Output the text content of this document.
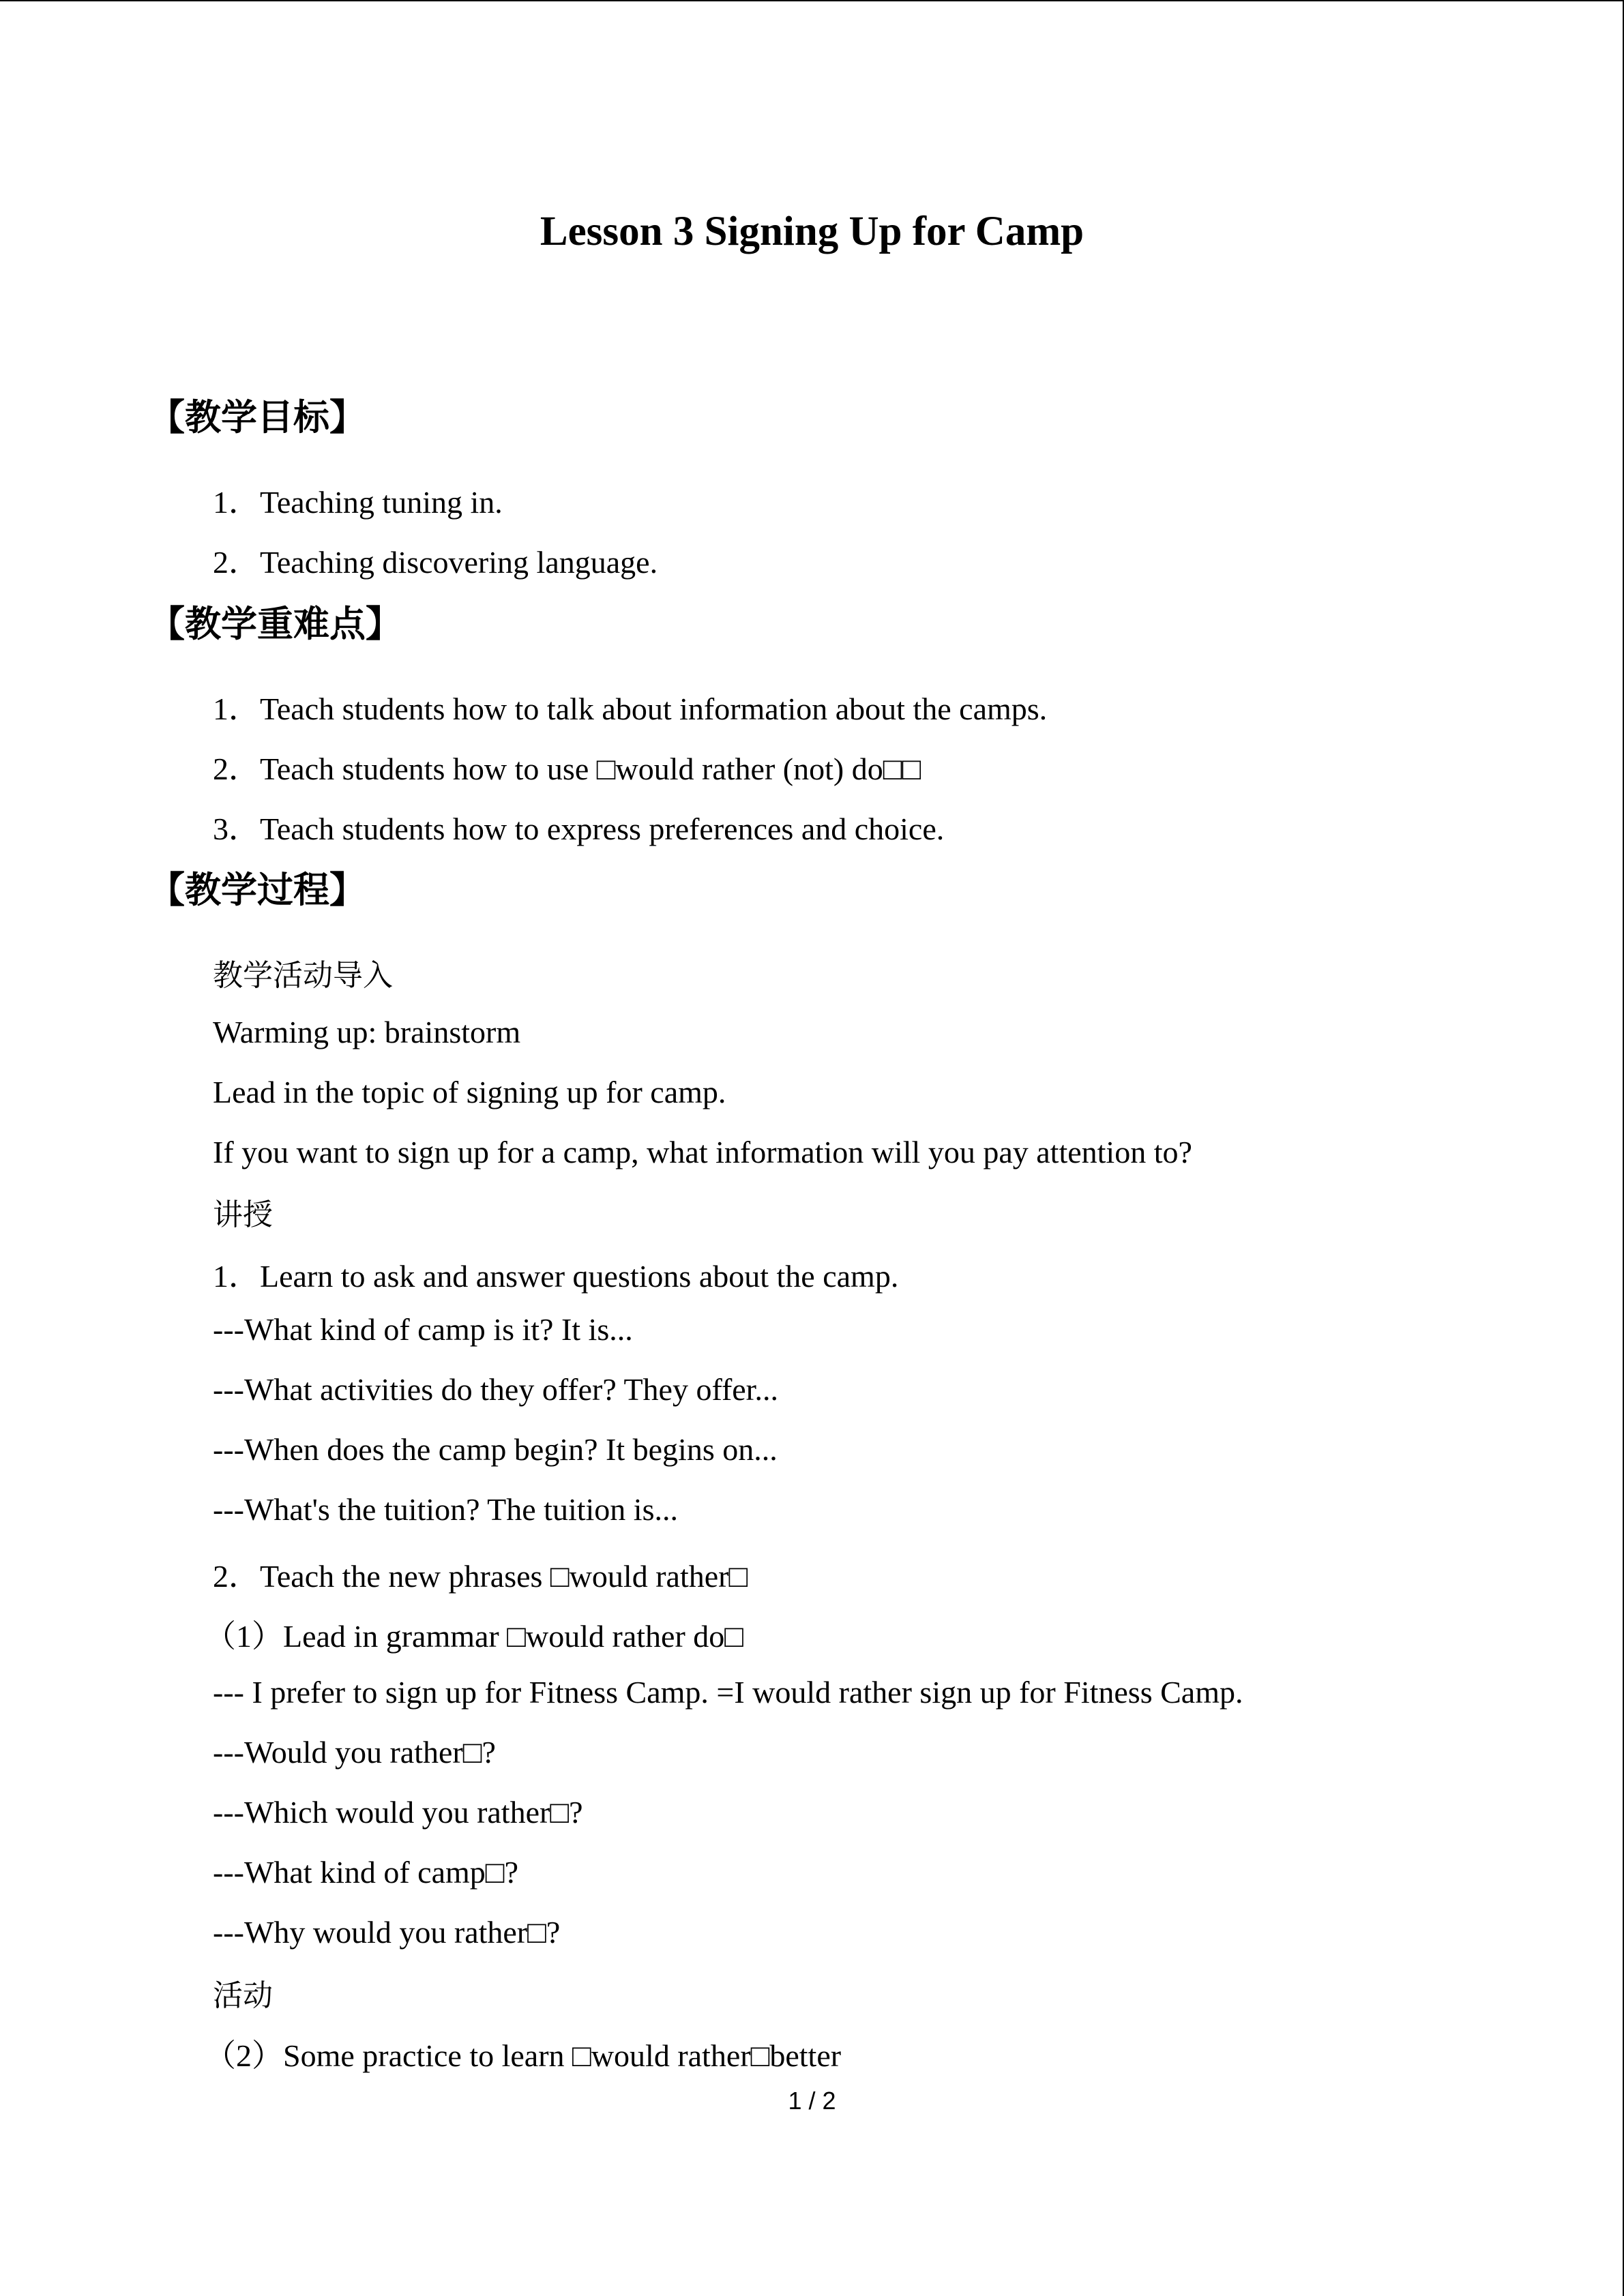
Lesson 3 Signing Up for Camp
【教学目标】
1．Teaching tuning in.
2．Teaching discovering language.
【教学重难点】
1．Teach students how to talk about information about the camps.
2．Teach students how to use □would rather (not) do□□
3．Teach students how to express preferences and choice.
【教学过程】
教学活动导入
Warming up: brainstorm
Lead in the topic of signing up for camp.
If you want to sign up for a camp, what information will you pay attention to?
讲授
1．Learn to ask and answer questions about the camp.
---What kind of camp is it? It is...
---What activities do they offer? They offer...
---When does the camp begin? It begins on...
---What's the tuition? The tuition is...
2．Teach the new phrases □would rather□
（1）Lead in grammar □would rather do□
--- I prefer to sign up for Fitness Camp. =I would rather sign up for Fitness Camp.
---Would you rather□?
---Which would you rather□?
---What kind of camp□?
---Why would you rather□?
活动
（2）Some practice to learn □would rather□better
1 / 2
